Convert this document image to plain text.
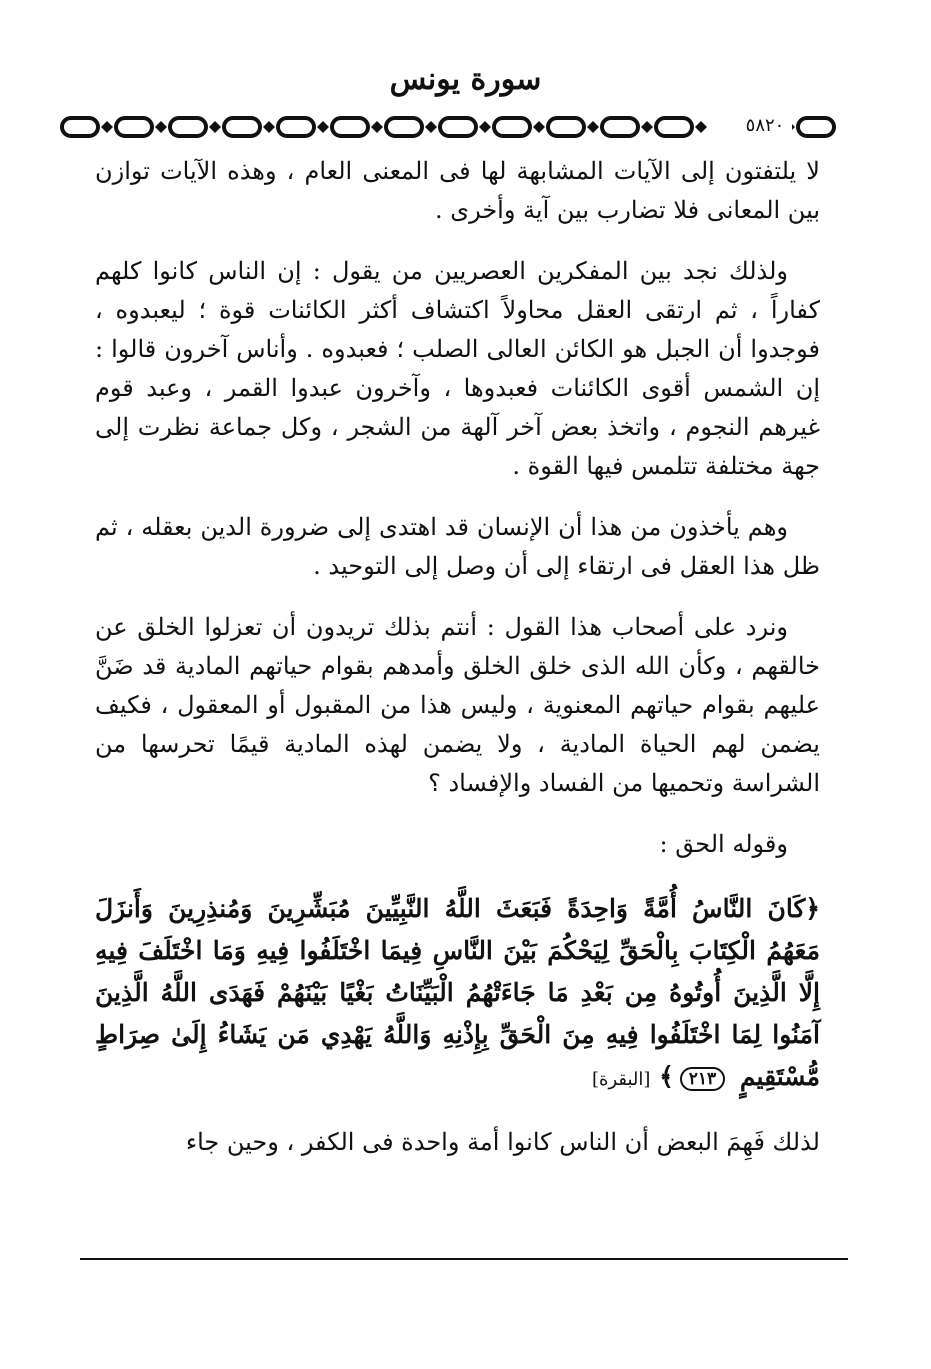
سورة يونس
٥٨٢٠

لا يلتفتون إلى الآيات المشابهة لها فى المعنى العام ، وهذه الآيات توازن بين المعانى فلا تضارب بين آية وأخرى .

ولذلك نجد بين المفكرين العصريين من يقول : إن الناس كانوا كلهم كفاراً ، ثم ارتقى العقل محاولاً اكتشاف أكثر الكائنات قوة ؛ ليعبدوه ، فوجدوا أن الجبل هو الكائن العالى الصلب ؛ فعبدوه . وأناس آخرون قالوا : إن الشمس أقوى الكائنات فعبدوها ، وآخرون عبدوا القمر ، وعبد قوم غيرهم النجوم ، واتخذ بعض آخر آلهة من الشجر ، وكل جماعة نظرت إلى جهة مختلفة تتلمس فيها القوة .

وهم يأخذون من هذا أن الإنسان قد اهتدى إلى ضرورة الدين بعقله ، ثم ظل هذا العقل فى ارتقاء إلى أن وصل إلى التوحيد .

ونرد على أصحاب هذا القول : أنتم بذلك تريدون أن تعزلوا الخلق عن خالقهم ، وكأن الله الذى خلق الخلق وأمدهم بقوام حياتهم المادية قد ضَنَّ عليهم بقوام حياتهم المعنوية ، وليس هذا من المقبول أو المعقول ، فكيف يضمن لهم الحياة المادية ، ولا يضمن لهذه المادية قيمًا تحرسها من الشراسة وتحميها من الفساد والإفساد ؟

وقوله الحق :

﴿كَانَ النَّاسُ أُمَّةً وَاحِدَةً فَبَعَثَ اللَّهُ النَّبِيِّينَ مُبَشِّرِينَ وَمُنذِرِينَ وَأَنزَلَ مَعَهُمُ الْكِتَابَ بِالْحَقِّ لِيَحْكُمَ بَيْنَ النَّاسِ فِيمَا اخْتَلَفُوا فِيهِ وَمَا اخْتَلَفَ فِيهِ إِلَّا الَّذِينَ أُوتُوهُ مِن بَعْدِ مَا جَاءَتْهُمُ الْبَيِّنَاتُ بَغْيًا بَيْنَهُمْ فَهَدَى اللَّهُ الَّذِينَ آمَنُوا لِمَا اخْتَلَفُوا فِيهِ مِنَ الْحَقِّ بِإِذْنِهِ وَاللَّهُ يَهْدِي مَن يَشَاءُ إِلَىٰ صِرَاطٍ مُّسْتَقِيمٍ ٢١٣﴾ [البقرة]

لذلك فَهِمَ البعض أن الناس كانوا أمة واحدة فى الكفر ، وحين جاء
